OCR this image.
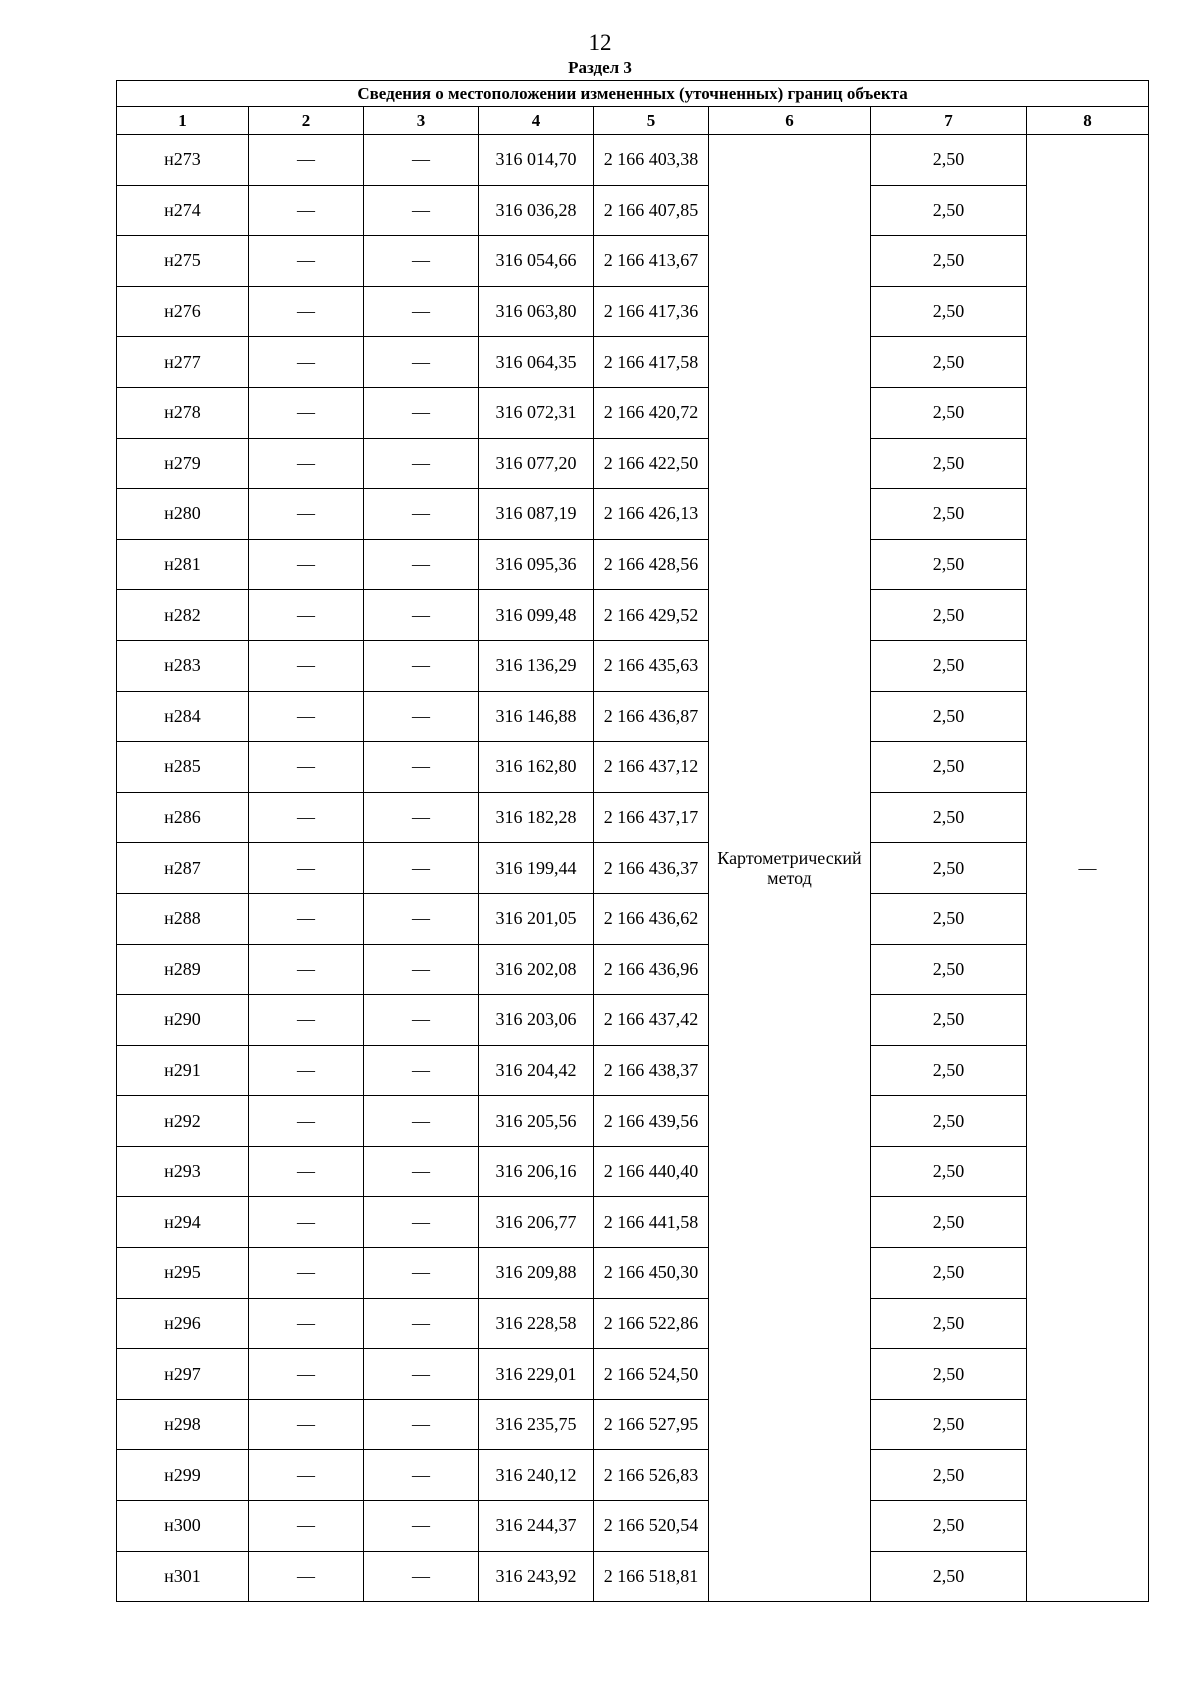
12
Раздел 3
Сведения о местоположении измененных (уточненных) границ объекта							
1	2	3	4	5	6	7	8
н273	—	—	316 014,70	2 166 403,38	Картометрический метод	2,50	—
н274	—	—	316 036,28	2 166 407,85		2,50	
н275	—	—	316 054,66	2 166 413,67		2,50	
н276	—	—	316 063,80	2 166 417,36		2,50	
н277	—	—	316 064,35	2 166 417,58		2,50	
н278	—	—	316 072,31	2 166 420,72		2,50	
н279	—	—	316 077,20	2 166 422,50		2,50	
н280	—	—	316 087,19	2 166 426,13		2,50	
н281	—	—	316 095,36	2 166 428,56		2,50	
н282	—	—	316 099,48	2 166 429,52		2,50	
н283	—	—	316 136,29	2 166 435,63		2,50	
н284	—	—	316 146,88	2 166 436,87		2,50	
н285	—	—	316 162,80	2 166 437,12		2,50	
н286	—	—	316 182,28	2 166 437,17		2,50	
н287	—	—	316 199,44	2 166 436,37		2,50	
н288	—	—	316 201,05	2 166 436,62		2,50	
н289	—	—	316 202,08	2 166 436,96		2,50	
н290	—	—	316 203,06	2 166 437,42		2,50	
н291	—	—	316 204,42	2 166 438,37		2,50	
н292	—	—	316 205,56	2 166 439,56		2,50	
н293	—	—	316 206,16	2 166 440,40		2,50	
н294	—	—	316 206,77	2 166 441,58		2,50	
н295	—	—	316 209,88	2 166 450,30		2,50	
н296	—	—	316 228,58	2 166 522,86		2,50	
н297	—	—	316 229,01	2 166 524,50		2,50	
н298	—	—	316 235,75	2 166 527,95		2,50	
н299	—	—	316 240,12	2 166 526,83		2,50	
н300	—	—	316 244,37	2 166 520,54		2,50	
н301	—	—	316 243,92	2 166 518,81		2,50	
